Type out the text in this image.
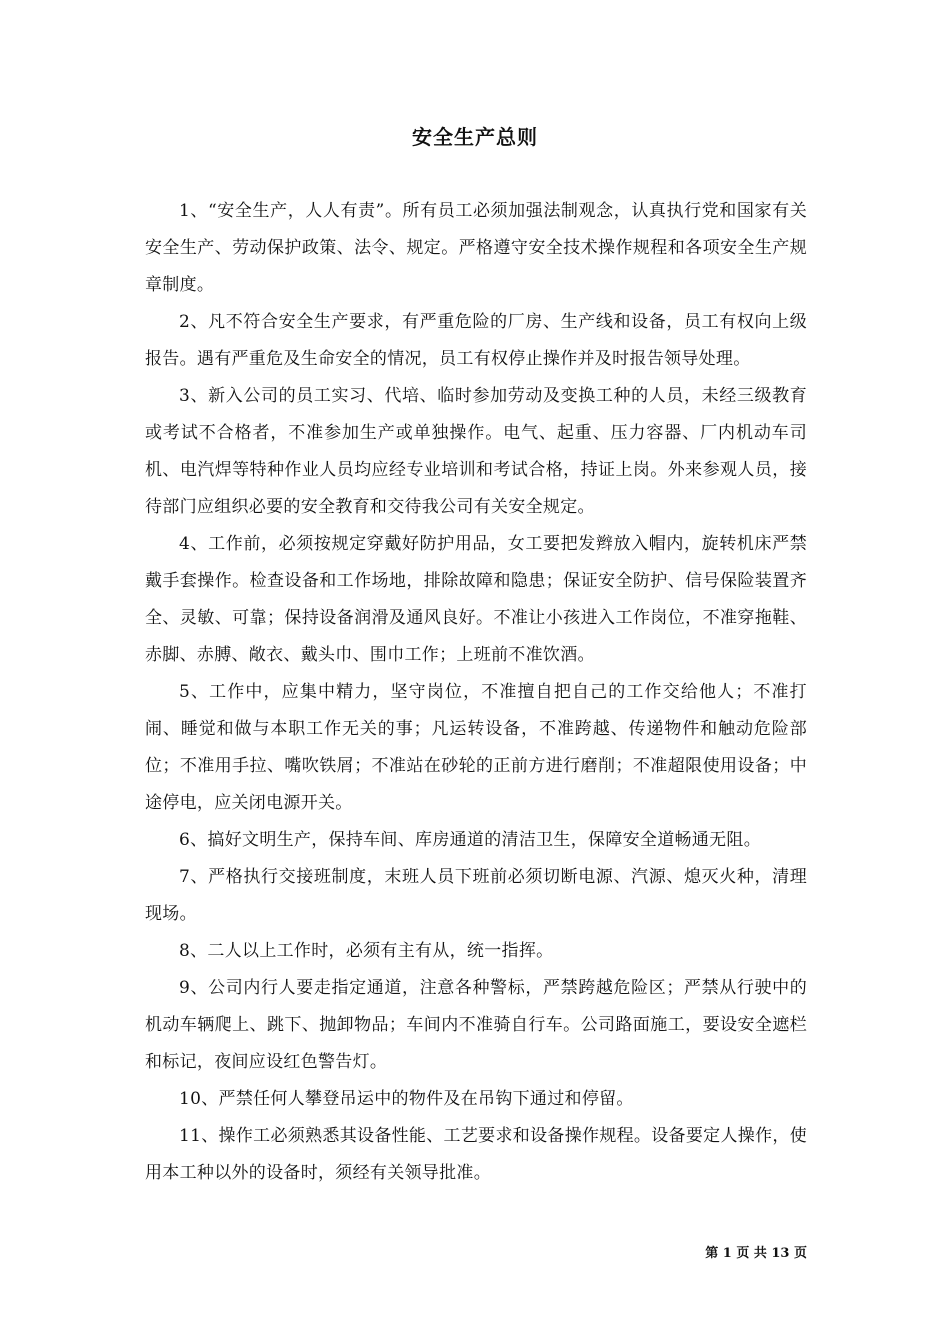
安全生产总则

1、“安全生产，人人有责”。所有员工必须加强法制观念，认真执行党和国家有关安全生产、劳动保护政策、法令、规定。严格遵守安全技术操作规程和各项安全生产规章制度。

2、凡不符合安全生产要求，有严重危险的厂房、生产线和设备，员工有权向上级报告。遇有严重危及生命安全的情况，员工有权停止操作并及时报告领导处理。

3、新入公司的员工实习、代培、临时参加劳动及变换工种的人员，未经三级教育或考试不合格者，不准参加生产或单独操作。电气、起重、压力容器、厂内机动车司机、电汽焊等特种作业人员均应经专业培训和考试合格，持证上岗。外来参观人员，接待部门应组织必要的安全教育和交待我公司有关安全规定。

4、工作前，必须按规定穿戴好防护用品，女工要把发辫放入帽内，旋转机床严禁戴手套操作。检查设备和工作场地，排除故障和隐患；保证安全防护、信号保险装置齐全、灵敏、可靠；保持设备润滑及通风良好。不准让小孩进入工作岗位，不准穿拖鞋、赤脚、赤膊、敞衣、戴头巾、围巾工作；上班前不准饮酒。

5、工作中，应集中精力，坚守岗位，不准擅自把自己的工作交给他人；不准打闹、睡觉和做与本职工作无关的事；凡运转设备，不准跨越、传递物件和触动危险部位；不准用手拉、嘴吹铁屑；不准站在砂轮的正前方进行磨削；不准超限使用设备；中途停电，应关闭电源开关。

6、搞好文明生产，保持车间、库房通道的清洁卫生，保障安全道畅通无阻。

7、严格执行交接班制度，末班人员下班前必须切断电源、汽源、熄灭火种，清理现场。

8、二人以上工作时，必须有主有从，统一指挥。

9、公司内行人要走指定通道，注意各种警标，严禁跨越危险区；严禁从行驶中的机动车辆爬上、跳下、抛卸物品；车间内不准骑自行车。公司路面施工，要设安全遮栏和标记，夜间应设红色警告灯。

10、严禁任何人攀登吊运中的物件及在吊钩下通过和停留。

11、操作工必须熟悉其设备性能、工艺要求和设备操作规程。设备要定人操作，使用本工种以外的设备时，须经有关领导批准。

第 1 页 共 13 页
